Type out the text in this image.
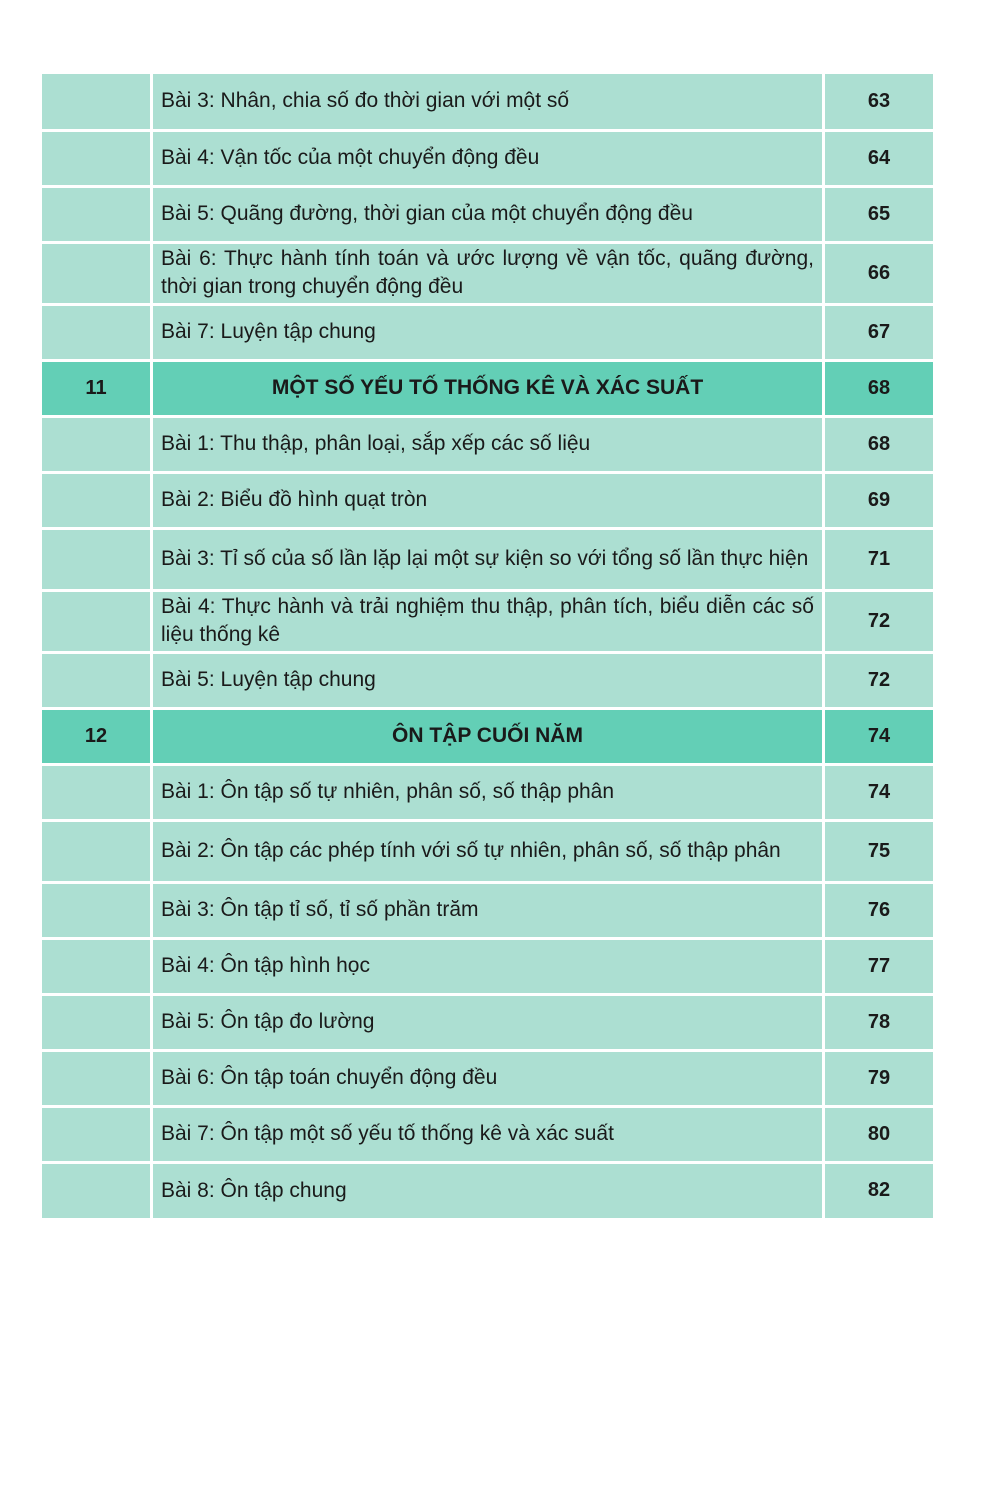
	Bài 3: Nhân, chia số đo thời gian với một số	63
	Bài 4: Vận tốc của một chuyển động đều	64
	Bài 5: Quãng đường, thời gian của một chuyển động đều	65
	Bài 6: Thực hành tính toán và ước lượng về vận tốc, quãng đường, thời gian trong chuyển động đều	66
	Bài 7: Luyện tập chung	67
11	MỘT SỐ YẾU TỐ THỐNG KÊ VÀ XÁC SUẤT	68
	Bài 1: Thu thập, phân loại, sắp xếp các số liệu	68
	Bài 2: Biểu đồ hình quạt tròn	69
	Bài 3: Tỉ số của số lần lặp lại một sự kiện so với tổng số lần thực hiện	71
	Bài 4: Thực hành và trải nghiệm thu thập, phân tích, biểu diễn các số liệu thống kê	72
	Bài 5: Luyện tập chung	72
12	ÔN TẬP CUỐI NĂM	74
	Bài 1: Ôn tập số tự nhiên, phân số, số thập phân	74
	Bài 2: Ôn tập các phép tính với số tự nhiên, phân số, số thập phân	75
	Bài 3: Ôn tập tỉ số, tỉ số phần trăm	76
	Bài 4: Ôn tập hình học	77
	Bài 5: Ôn tập đo lường	78
	Bài 6: Ôn tập toán chuyển động đều	79
	Bài 7: Ôn tập một số yếu tố thống kê và xác suất	80
	Bài 8: Ôn tập chung	82
